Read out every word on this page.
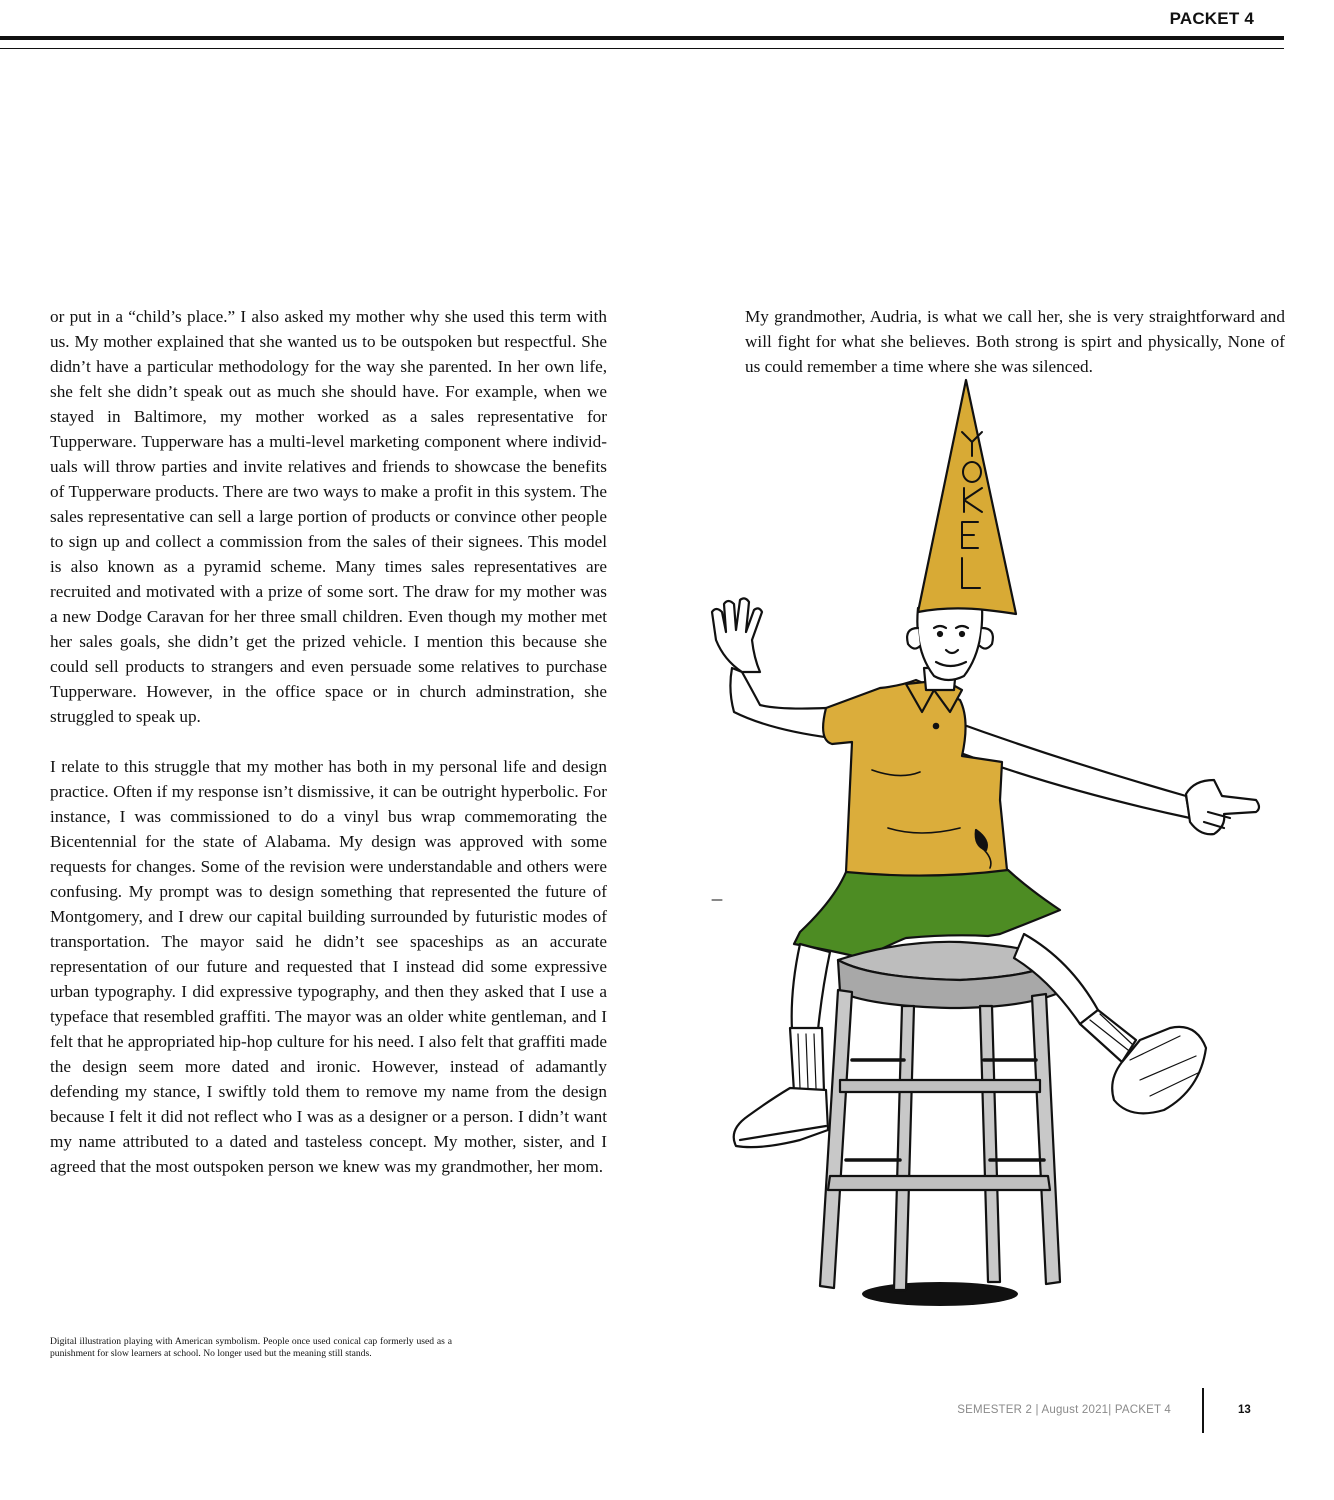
PACKET 4

or put in a “child’s place.” I also asked my mother why she used this term with us. My mother explained that she wanted us to be outspoken but respectful. She didn’t have a particular methodology for the way she parented. In her own life, she felt she didn’t speak out as much she should have. For example, when we stayed in Baltimore, my mother worked as a sales representative for Tupperware. Tupperware has a multi-level marketing component where individuals will throw parties and invite relatives and friends to showcase the benefits of Tupperware products. There are two ways to make a profit in this system. The sales representative can sell a large portion of products or convince other people to sign up and collect a commission from the sales of their signees. This model is also known as a pyramid scheme. Many times sales representatives are recruited and motivated with a prize of some sort. The draw for my mother was a new Dodge Caravan for her three small children. Even though my mother met her sales goals, she didn’t get the prized vehicle. I mention this because she could sell products to strangers and even persuade some relatives to purchase Tupperware. However, in the office space or in church adminstration, she struggled to speak up.

I relate to this struggle that my mother has both in my personal life and design practice. Often if my response isn’t dismissive, it can be outright hyperbolic. For instance, I was commissioned to do a vinyl bus wrap commemorating the Bicentennial for the state of Alabama. My design was approved with some requests for changes. Some of the revision were understandable and others were confusing. My prompt was to design something that represented the future of Montgomery, and I drew our capital building surrounded by futuristic modes of transportation. The mayor said he didn’t see spaceships as an accurate representation of our future and requested that I instead did some expressive urban typography. I did expressive typography, and then they asked that I use a typeface that resembled graffiti. The mayor was an older white gentleman, and I felt that he appropriated hip-hop culture for his need. I also felt that graffiti made the design seem more dated and ironic. However, instead of adamantly defending my stance, I swiftly told them to remove my name from the design because I felt it did not reflect who I was as a designer or a person. I didn’t want my name attributed to a dated and tasteless concept. My mother, sister, and I agreed that the most outspoken person we knew was my grandmother, her mom.

My grandmother, Audria, is what we call her, she is very straightforward and will fight for what she believes. Both strong is spirt and physically, None of us could remember a time where she was silenced.

YOKEL
Digital illustration playing with American symbolism. People once used conical cap formerly used as a punishment for slow learners at school. No longer used but the meaning still stands.
SEMESTER 2 | August 2021| PACKET 4	13
